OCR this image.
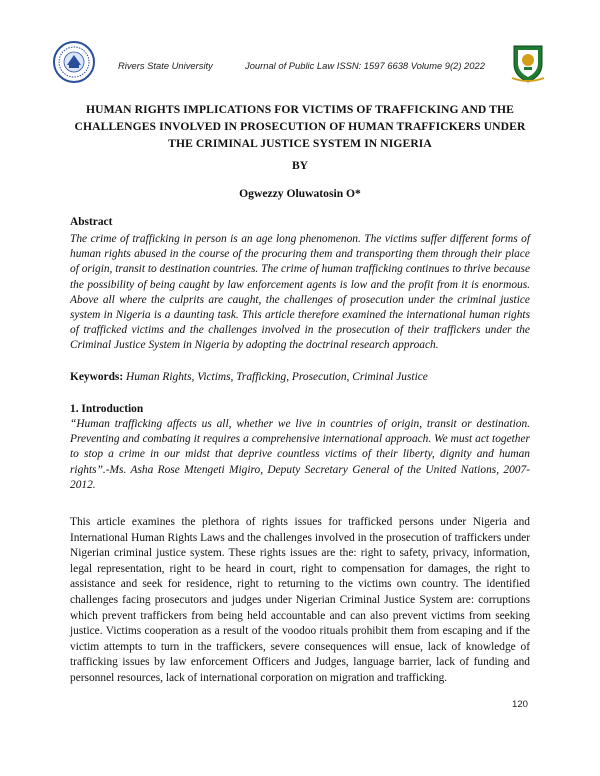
Rivers State University	Journal of Public Law ISSN: 1597 6638 Volume 9(2) 2022
HUMAN RIGHTS IMPLICATIONS FOR VICTIMS OF TRAFFICKING AND THE
CHALLENGES INVOLVED IN PROSECUTION OF HUMAN TRAFFICKERS UNDER
THE CRIMINAL JUSTICE SYSTEM IN NIGERIA
BY
Ogwezzy Oluwatosin O*
Abstract
The crime of trafficking in person is an age long phenomenon. The victims suffer different forms of human rights abused in the course of the procuring them and transporting them through their place of origin, transit to destination countries. The crime of human trafficking continues to thrive because the possibility of being caught by law enforcement agents is low and the profit from it is enormous. Above all where the culprits are caught, the challenges of prosecution under the criminal justice system in Nigeria is a daunting task. This article therefore examined the international human rights of trafficked victims and the challenges involved in the prosecution of their traffickers under the Criminal Justice System in Nigeria by adopting the doctrinal research approach.
Keywords: Human Rights, Victims, Trafficking, Prosecution, Criminal Justice
1. Introduction
“Human trafficking affects us all, whether we live in countries of origin, transit or destination. Preventing and combating it requires a comprehensive international approach. We must act together to stop a crime in our midst that deprive countless victims of their liberty, dignity and human rights”.-Ms. Asha Rose Mtengeti Migiro, Deputy Secretary General of the United Nations, 2007-2012.
This article examines the plethora of rights issues for trafficked persons under Nigeria and International Human Rights Laws and the challenges involved in the prosecution of traffickers under Nigerian criminal justice system. These rights issues are the: right to safety, privacy, information, legal representation, right to be heard in court, right to compensation for damages, the right to assistance and seek for residence, right to returning to the victims own country. The identified challenges facing prosecutors and judges under Nigerian Criminal Justice System are: corruptions which prevent traffickers from being held accountable and can also prevent victims from seeking justice. Victims cooperation as a result of the voodoo rituals prohibit them from escaping and if the victim attempts to turn in the traffickers, severe consequences will ensue, lack of knowledge of trafficking issues by law enforcement Officers and Judges, language barrier, lack of funding and personnel resources, lack of international corporation on migration and trafficking.
120
